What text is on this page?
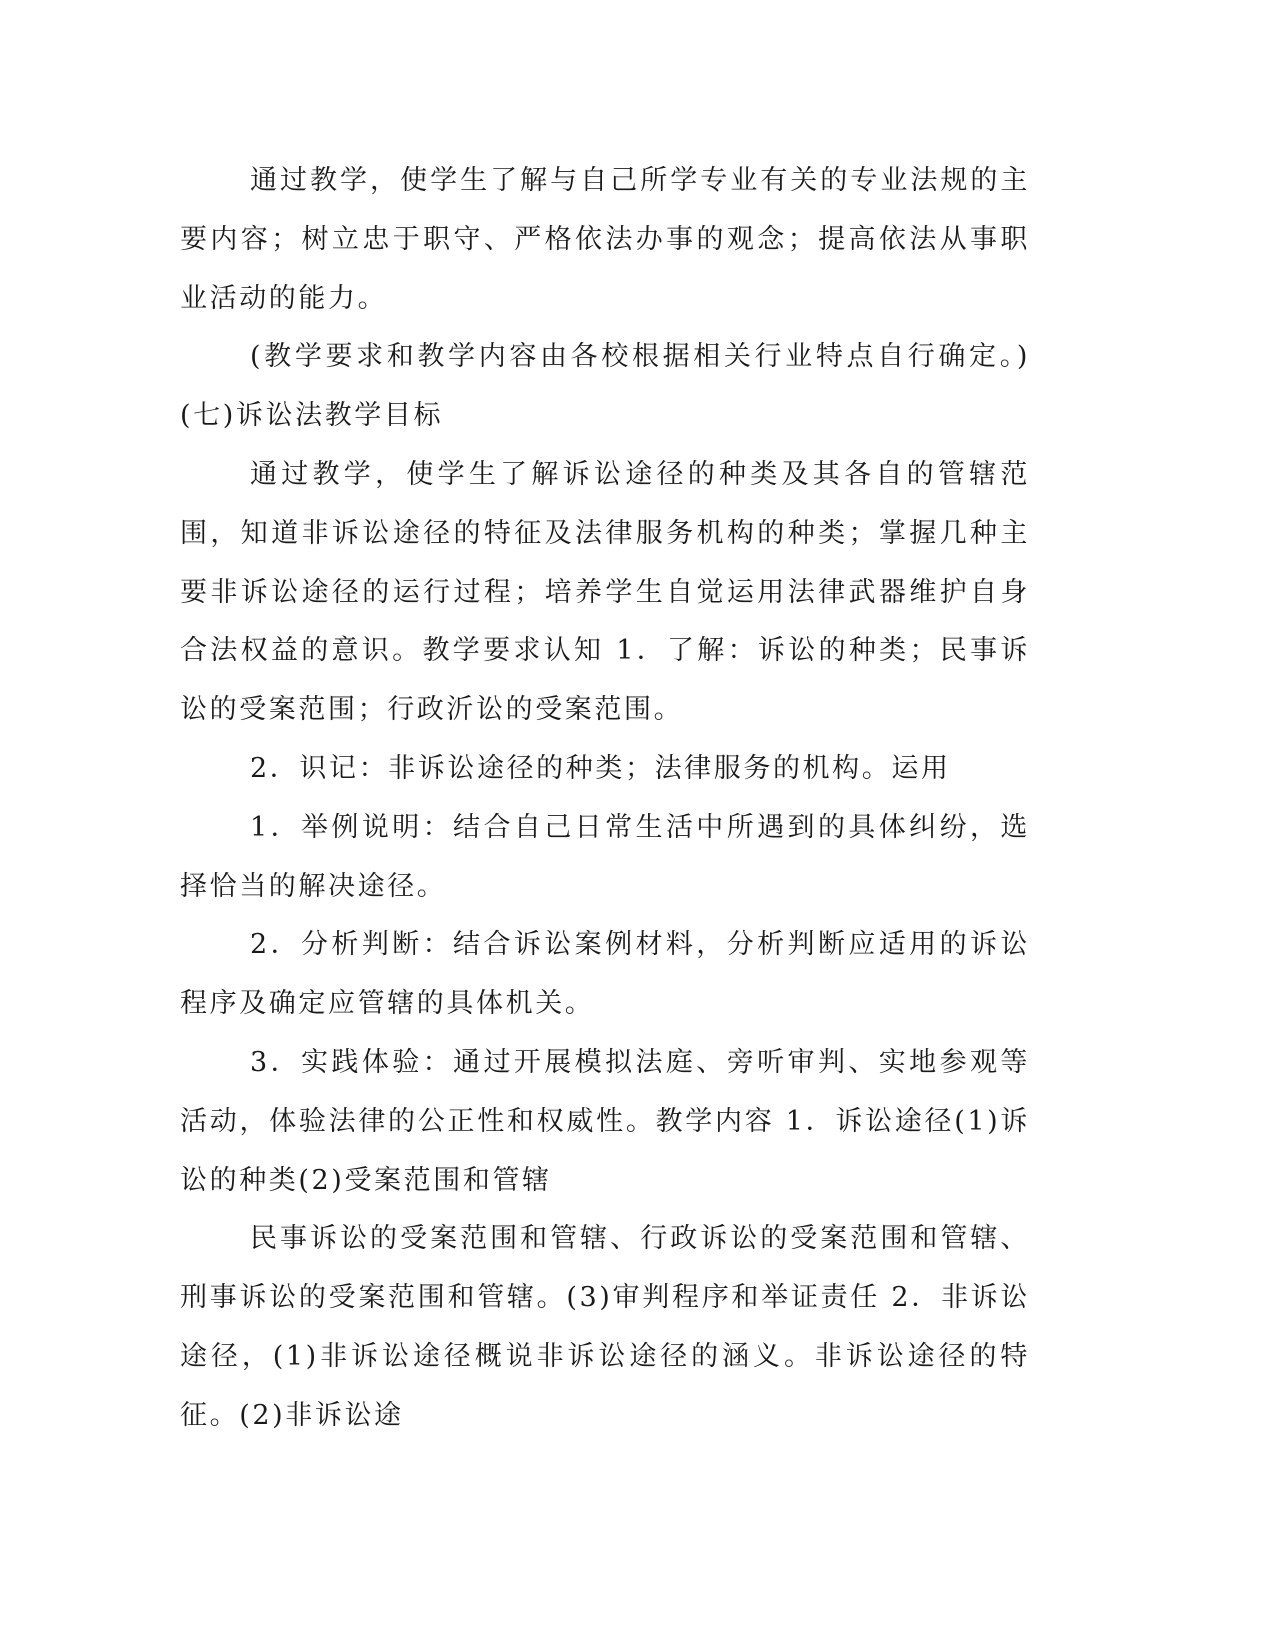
通过教学，使学生了解与自己所学专业有关的专业法规的主要内容；树立忠于职守、严格依法办事的观念；提高依法从事职业活动的能力。

(教学要求和教学内容由各校根据相关行业特点自行确定。)(七)诉讼法教学目标

通过教学，使学生了解诉讼途径的种类及其各自的管辖范围，知道非诉讼途径的特征及法律服务机构的种类；掌握几种主要非诉讼途径的运行过程；培养学生自觉运用法律武器维护自身合法权益的意识。教学要求认知 1．了解：诉讼的种类；民事诉讼的受案范围；行政沂讼的受案范围。

2．识记：非诉讼途径的种类；法律服务的机构。运用

1．举例说明：结合自己日常生活中所遇到的具体纠纷，选择恰当的解决途径。

2．分析判断：结合诉讼案例材料，分析判断应适用的诉讼程序及确定应管辖的具体机关。

3．实践体验：通过开展模拟法庭、旁听审判、实地参观等活动，体验法律的公正性和权威性。教学内容 1．诉讼途径(1)诉讼的种类(2)受案范围和管辖

民事诉讼的受案范围和管辖、行政诉讼的受案范围和管辖、刑事诉讼的受案范围和管辖。(3)审判程序和举证责任 2．非诉讼途径，(1)非诉讼途径概说非诉讼途径的涵义。非诉讼途径的特征。(2)非诉讼途
